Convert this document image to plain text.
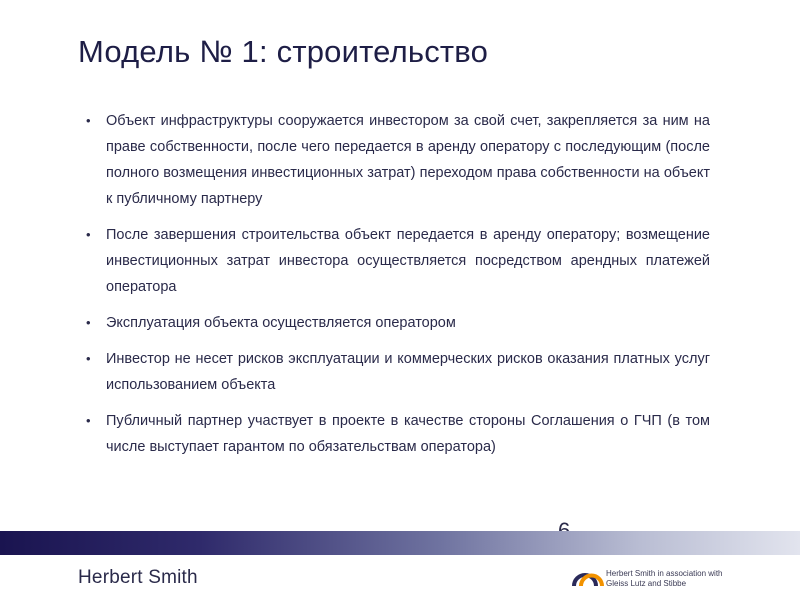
Модель № 1: строительство
• Объект инфраструктуры сооружается инвестором за свой счет, закрепляется за ним на праве собственности, после чего передается в аренду оператору с последующим (после полного возмещения инвестиционных затрат) переходом права собственности на объект к публичному партнеру
• После завершения строительства объект передается в аренду оператору; возмещение инвестиционных затрат инвестора осуществляется посредством арендных платежей оператора
• Эксплуатация объекта осуществляется оператором
• Инвестор не несет рисков эксплуатации и коммерческих рисков оказания платных услуг использованием объекта
• Публичный партнер участвует в проекте в качестве стороны Соглашения о ГЧП (в том числе выступает гарантом по обязательствам оператора)
Herbert Smith	Herbert Smith in association with
Gleiss Lutz and Stibbe
